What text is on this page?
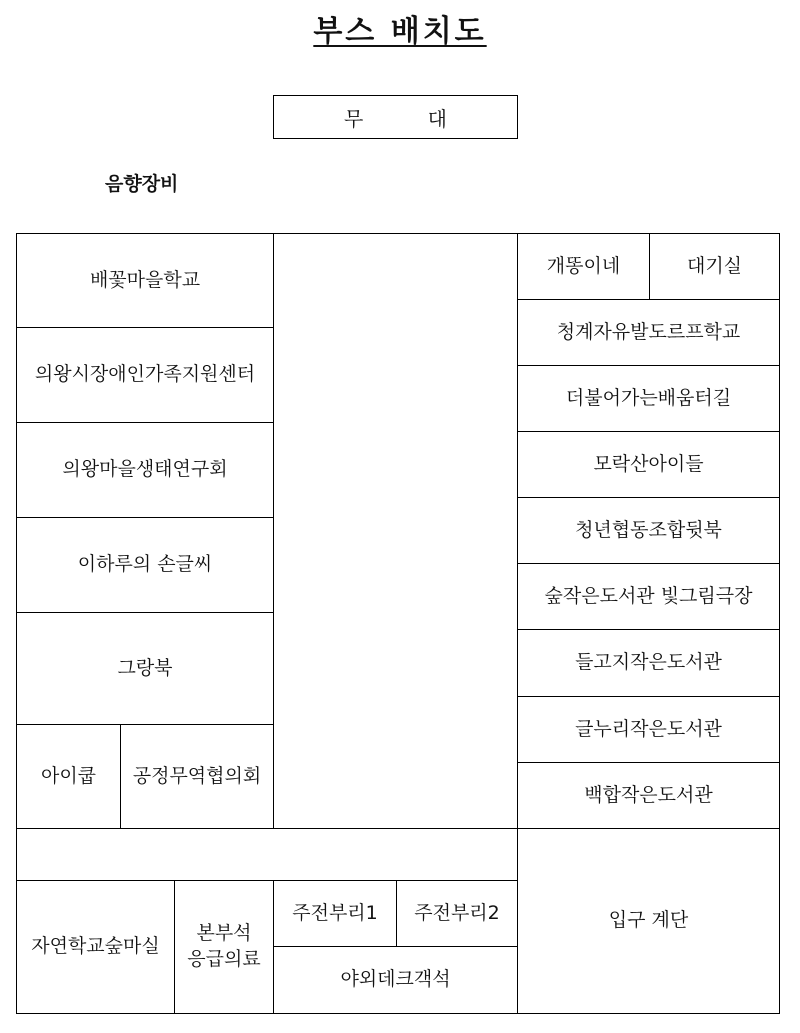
부스 배치도
무 대
음향장비
배꽃마을학교
의왕시장애인가족지원센터
의왕마을생태연구회
이하루의 손글씨
그랑북
아이쿱 공정무역협의회
개똥이네	대기실
청계자유발도르프학교
더불어가는배움터길
모락산아이들
청년협동조합뒷북
숲작은도서관 빛그림극장
들고지작은도서관
글누리작은도서관
백합작은도서관
자연학교숲마실
본부석
응급의료
주전부리1 주전부리2
야외데크객석
입구 계단
